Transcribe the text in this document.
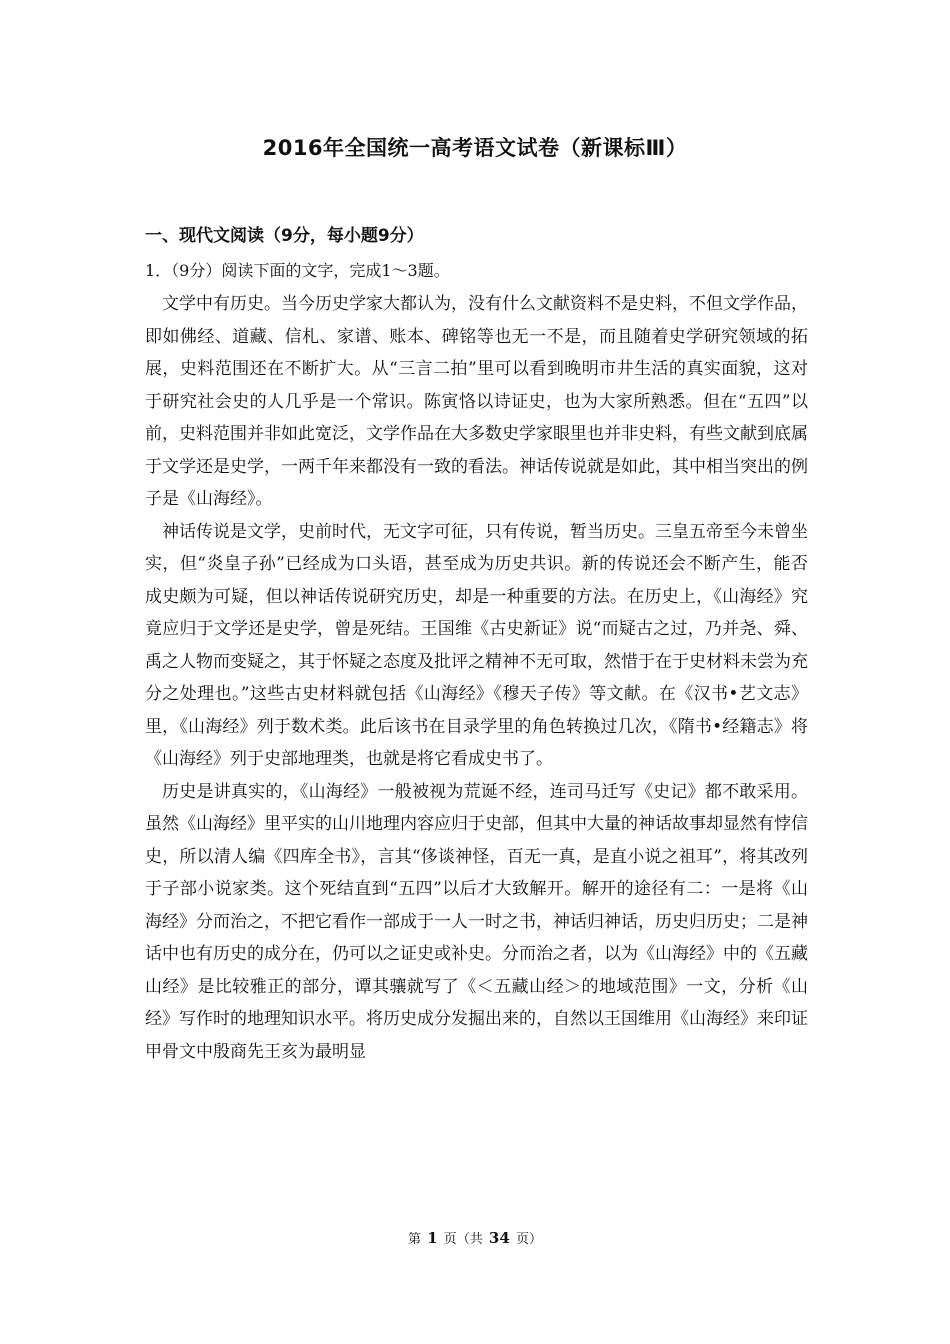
2016年全国统一高考语文试卷（新课标Ⅲ）
一、现代文阅读（9分，每小题9分）
1．（9分）阅读下面的文字，完成1～3题。

文学中有历史。当今历史学家大都认为，没有什么文献资料不是史料，不但文学作品，即如佛经、道藏、信札、家谱、账本、碑铭等也无一不是，而且随着史学研究领域的拓展，史料范围还在不断扩大。从“三言二拍”里可以看到晚明市井生活的真实面貌，这对于研究社会史的人几乎是一个常识。陈寅恪以诗证史，也为大家所熟悉。但在“五四”以前，史料范围并非如此宽泛，文学作品在大多数史学家眼里也并非史料，有些文献到底属于文学还是史学，一两千年来都没有一致的看法。神话传说就是如此，其中相当突出的例子是《山海经》。

神话传说是文学，史前时代，无文字可征，只有传说，暂当历史。三皇五帝至今未曾坐实，但“炎皇子孙”已经成为口头语，甚至成为历史共识。新的传说还会不断产生，能否成史颇为可疑，但以神话传说研究历史，却是一种重要的方法。在历史上，《山海经》究竟应归于文学还是史学，曾是死结。王国维《古史新证》说“而疑古之过，乃并尧、舜、禹之人物而变疑之，其于怀疑之态度及批评之精神不无可取，然惜于在于史材料未尝为充分之处理也。”这些古史材料就包括《山海经》《穆天子传》等文献。在《汉书•艺文志》里，《山海经》列于数术类。此后该书在目录学里的角色转换过几次，《隋书•经籍志》将《山海经》列于史部地理类，也就是将它看成史书了。

历史是讲真实的，《山海经》一般被视为荒诞不经，连司马迁写《史记》都不敢采用。虽然《山海经》里平实的山川地理内容应归于史部，但其中大量的神话故事却显然有悖信史，所以清人编《四库全书》，言其“侈谈神怪，百无一真，是直小说之祖耳”，将其改列于子部小说家类。这个死结直到“五四”以后才大致解开。解开的途径有二：一是将《山海经》分而治之，不把它看作一部成于一人一时之书，神话归神话，历史归历史；二是神话中也有历史的成分在，仍可以之证史或补史。分而治之者，以为《山海经》中的《五藏山经》是比较雅正的部分，谭其骧就写了《＜五藏山经＞的地域范围》一文，分析《山经》写作时的地理知识水平。将历史成分发掘出来的，自然以王国维用《山海经》来印证甲骨文中殷商先王亥为最明显

第 1 页（共 34 页）
